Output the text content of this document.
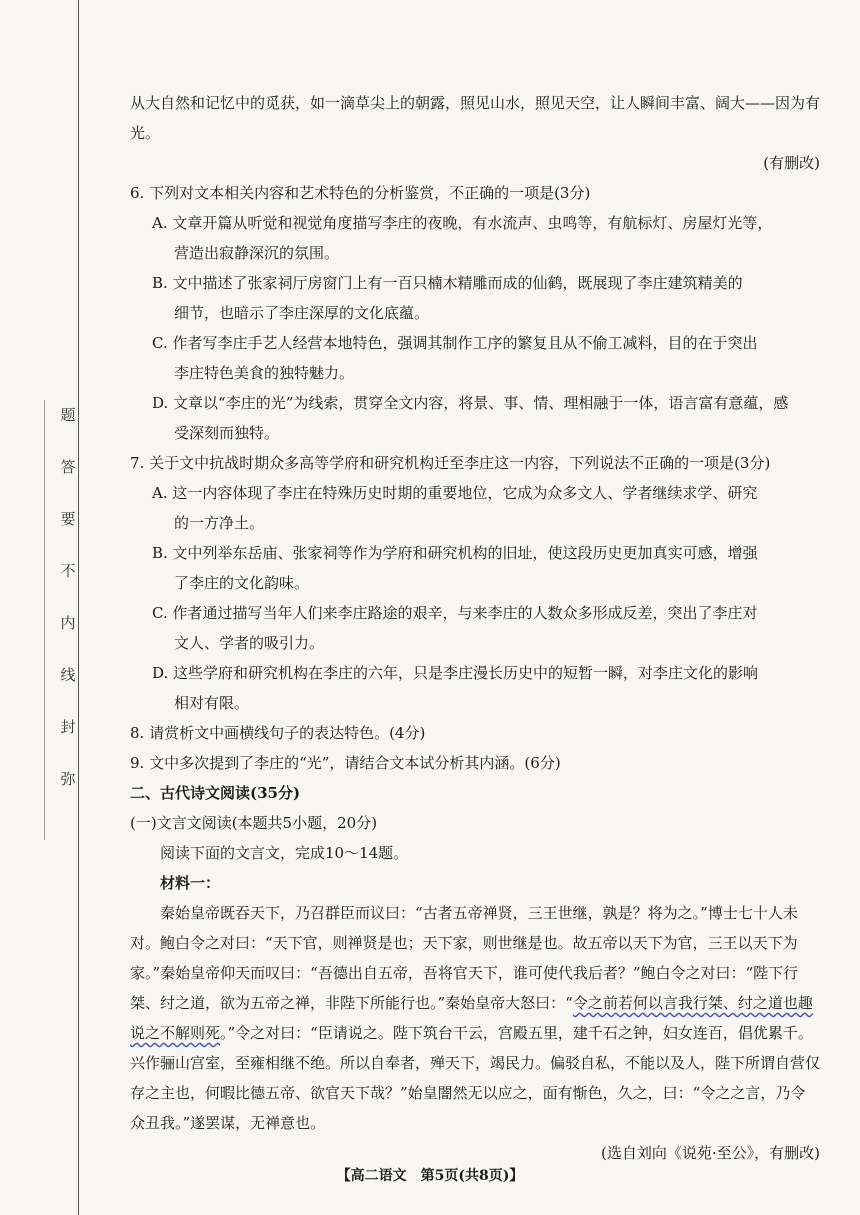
题
答
要
不
内
线
封
弥

从大自然和记忆中的觅获，如一滴草尖上的朝露，照见山水，照见天空，让人瞬间丰富、阔大——因为有光。

(有删改)

6. 下列对文本相关内容和艺术特色的分析鉴赏，不正确的一项是(3分)

A. 文章开篇从听觉和视觉角度描写李庄的夜晚，有水流声、虫鸣等，有航标灯、房屋灯光等，
营造出寂静深沉的氛围。

B. 文中描述了张家祠厅房窗门上有一百只楠木精雕而成的仙鹤，既展现了李庄建筑精美的
细节，也暗示了李庄深厚的文化底蕴。

C. 作者写李庄手艺人经营本地特色，强调其制作工序的繁复且从不偷工减料，目的在于突出
李庄特色美食的独特魅力。

D. 文章以“李庄的光”为线索，贯穿全文内容，将景、事、情、理相融于一体，语言富有意蕴，感
受深刻而独特。

7. 关于文中抗战时期众多高等学府和研究机构迁至李庄这一内容，下列说法不正确的一项是(3分)

A. 这一内容体现了李庄在特殊历史时期的重要地位，它成为众多文人、学者继续求学、研究
的一方净土。

B. 文中列举东岳庙、张家祠等作为学府和研究机构的旧址，使这段历史更加真实可感，增强
了李庄的文化韵味。

C. 作者通过描写当年人们来李庄路途的艰辛，与来李庄的人数众多形成反差，突出了李庄对
文人、学者的吸引力。

D. 这些学府和研究机构在李庄的六年，只是李庄漫长历史中的短暂一瞬，对李庄文化的影响
相对有限。

8. 请赏析文中画横线句子的表达特色。(4分)

9. 文中多次提到了李庄的“光”，请结合文本试分析其内涵。(6分)

二、古代诗文阅读(35分)

(一)文言文阅读(本题共5小题，20分)

阅读下面的文言文，完成10～14题。

材料一：

秦始皇帝既吞天下，乃召群臣而议曰：“古者五帝禅贤，三王世继，孰是？将为之。”博士七十人未对。鲍白令之对曰：“天下官，则禅贤是也；天下家，则世继是也。故五帝以天下为官，三王以天下为家。”秦始皇帝仰天而叹曰：“吾德出自五帝，吾将官天下，谁可使代我后者？”鲍白令之对曰：“陛下行桀、纣之道，欲为五帝之禅，非陛下所能行也。”秦始皇帝大怒曰：“令之前若何以言我行桀、纣之道也趣说之不解则死。”令之对曰：“臣请说之。陛下筑台干云，宫殿五里，建千石之钟，妇女连百，倡优累千。兴作骊山宫室，至雍相继不绝。所以自奉者，殚天下，竭民力。偏驳自私，不能以及人，陛下所谓自营仅存之主也，何暇比德五帝、欲官天下哉？”始皇闇然无以应之，面有惭色，久之，曰：“令之之言，乃令众丑我。”遂罢谋，无禅意也。

(选自刘向《说苑·至公》，有删改)

【高二语文　第5页(共8页)】
